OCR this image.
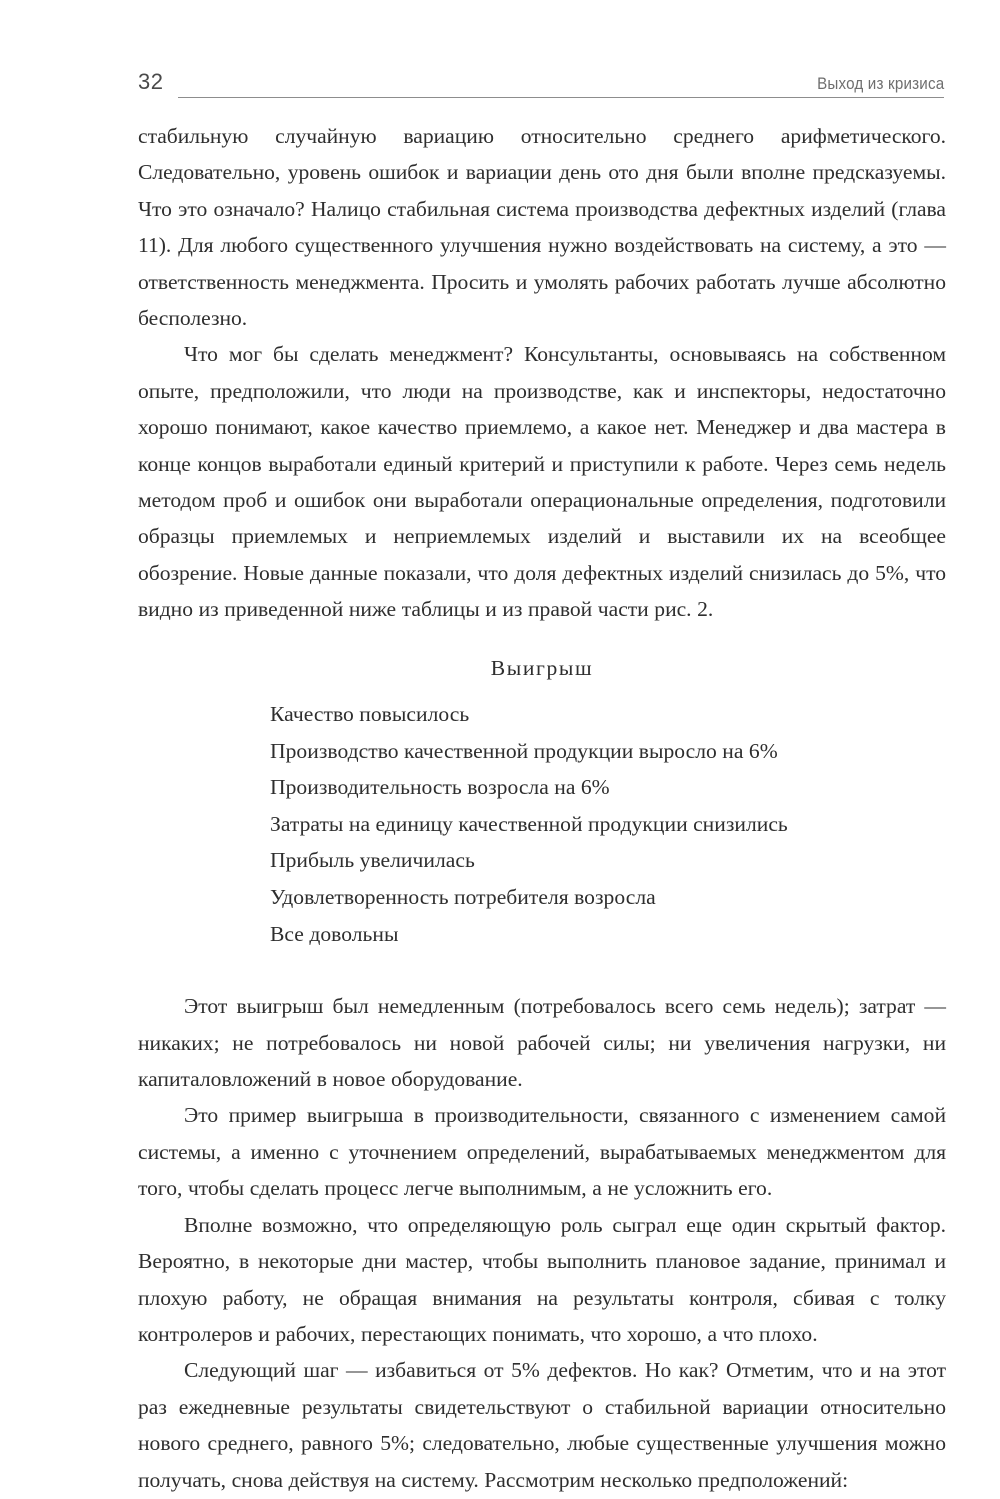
32	Выход из кризиса

стабильную случайную вариацию относительно среднего арифметического. Следовательно, уровень ошибок и вариации день ото дня были вполне предсказуемы. Что это означало? Налицо стабильная система производства дефектных изделий (глава 11). Для любого существенного улучшения нужно воздействовать на систему, а это — ответственность менеджмента. Просить и умолять рабочих работать лучше абсолютно бесполезно.

Что мог бы сделать менеджмент? Консультанты, основываясь на собственном опыте, предположили, что люди на производстве, как и инспекторы, недостаточно хорошо понимают, какое качество приемлемо, а какое нет. Менеджер и два мастера в конце концов выработали единый критерий и приступили к работе. Через семь недель методом проб и ошибок они выработали операциональные определения, подготовили образцы приемлемых и неприемлемых изделий и выставили их на всеобщее обозрение. Новые данные показали, что доля дефектных изделий снизилась до 5%, что видно из приведенной ниже таблицы и из правой части рис. 2.

Выигрыш
Качество повысилось
Производство качественной продукции выросло на 6%
Производительность возросла на 6%
Затраты на единицу качественной продукции снизились
Прибыль увеличилась
Удовлетворенность потребителя возросла
Все довольны

Этот выигрыш был немедленным (потребовалось всего семь недель); затрат — никаких; не потребовалось ни новой рабочей силы; ни увеличения нагрузки, ни капиталовложений в новое оборудование.

Это пример выигрыша в производительности, связанного с изменением самой системы, а именно с уточнением определений, вырабатываемых менеджментом для того, чтобы сделать процесс легче выполнимым, а не усложнить его.

Вполне возможно, что определяющую роль сыграл еще один скрытый фактор. Вероятно, в некоторые дни мастер, чтобы выполнить плановое задание, принимал и плохую работу, не обращая внимания на результаты контроля, сбивая с толку контролеров и рабочих, перестающих понимать, что хорошо, а что плохо.

Следующий шаг — избавиться от 5% дефектов. Но как? Отметим, что и на этот раз ежедневные результаты свидетельствуют о стабильной вариации относительно нового среднего, равного 5%; следовательно, любые существенные улучшения можно получать, снова действуя на систему. Рассмотрим несколько предположений:
